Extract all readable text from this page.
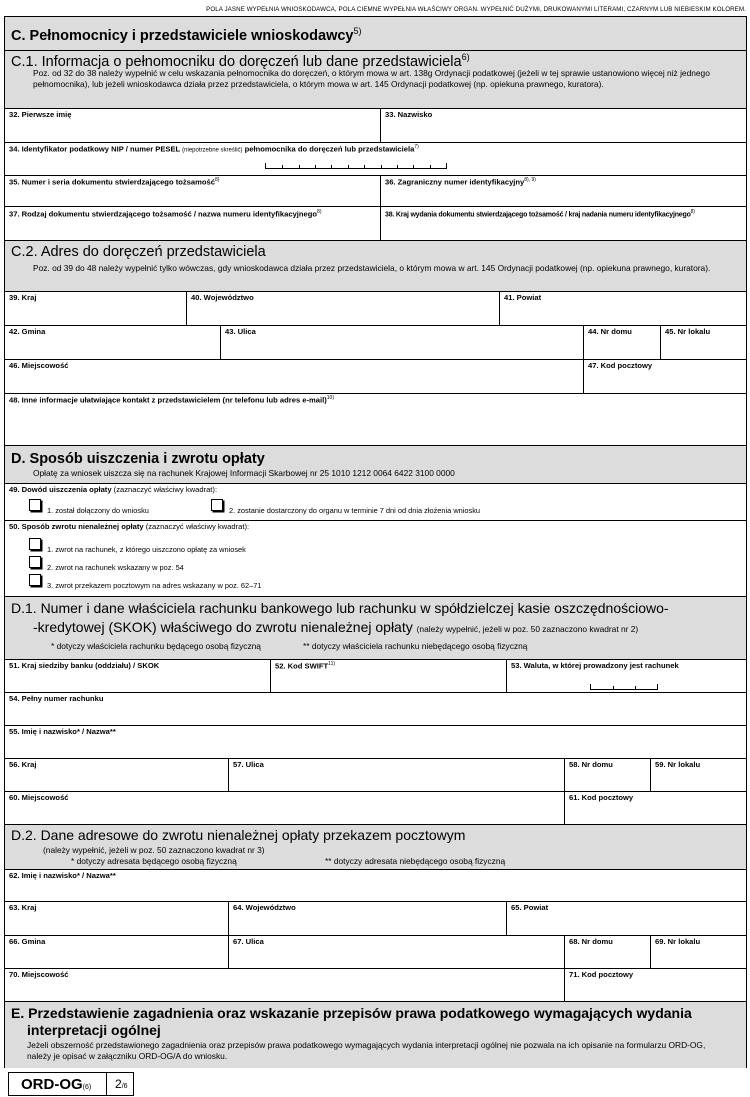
POLA JASNE WYPEŁNIA WNIOSKODAWCA, POLA CIEMNE WYPEŁNIA WŁAŚCIWY ORGAN. WYPEŁNIĆ DUŻYMI, DRUKOWANYMI LITERAMI, CZARNYM LUB NIEBIESKIM KOLOREM.
C. Pełnomocnicy i przedstawiciele wnioskodawcy$^{5)}$
C.1. Informacja o pełnomocniku do doręczeń lub dane przedstawiciela$^{6)}$
Poz. od 32 do 38 należy wypełnić w celu wskazania pełnomocnika do doręczeń, o którym mowa w art. 138g Ordynacji podatkowej (jeżeli w tej sprawie ustanowiono więcej niż jednego pełnomocnika), lub jeżeli wnioskodawca działa przez przedstawiciela, o którym mowa w art. 145 Ordynacji podatkowej (np. opiekuna prawnego, kuratora).
32. Pierwsze imię	33. Nazwisko
34. Identyfikator podatkowy NIP / numer PESEL (niepotrzebne skreślić) pełnomocnika do doręczeń lub przedstawiciela$^{7)}$
35. Numer i seria dokumentu stwierdzającego tożsamość$^{8)}$	36. Zagraniczny numer identyfikacyjny$^{8), 9)}$
37. Rodzaj dokumentu stwierdzającego tożsamość / nazwa numeru identyfikacyjnego$^{8)}$	38. Kraj wydania dokumentu stwierdzającego tożsamość / kraj nadania numeru identyfikacyjnego$^{8)}$
C.2. Adres do doręczeń przedstawiciela
Poz. od 39 do 48 należy wypełnić tylko wówczas, gdy wnioskodawca działa przez przedstawiciela, o którym mowa w art. 145 Ordynacji podatkowej (np. opiekuna prawnego, kuratora).
39. Kraj	40. Województwo	41. Powiat
42. Gmina	43. Ulica	44. Nr domu	45. Nr lokalu
46. Miejscowość	47. Kod pocztowy
48. Inne informacje ułatwiające kontakt z przedstawicielem (nr telefonu lub adres e-mail)$^{10)}$
D. Sposób uiszczenia i zwrotu opłaty
Opłatę za wniosek uiszcza się na rachunek Krajowej Informacji Skarbowej nr 25 1010 1212 0064 6422 3100 0000
49. Dowód uiszczenia opłaty (zaznaczyć właściwy kwadrat):
1. został dołączony do wniosku	2. zostanie dostarczony do organu w terminie 7 dni od dnia złożenia wniosku
50. Sposób zwrotu nienależnej opłaty (zaznaczyć właściwy kwadrat):
1. zwrot na rachunek, z którego uiszczono opłatę za wniosek
2. zwrot na rachunek wskazany w poz. 54
3. zwrot przekazem pocztowym na adres wskazany w poz. 62–71
D.1. Numer i dane właściciela rachunku bankowego lub rachunku w spółdzielczej kasie oszczędnościowo-
-kredytowej (SKOK) właściwego do zwrotu nienależnej opłaty (należy wypełnić, jeżeli w poz. 50 zaznaczono kwadrat nr 2)
* dotyczy właściciela rachunku będącego osobą fizyczną	** dotyczy właściciela rachunku niebędącego osobą fizyczną
51. Kraj siedziby banku (oddziału) / SKOK	52. Kod SWIFT$^{11)}$	53. Waluta, w której prowadzony jest rachunek
54. Pełny numer rachunku
55. Imię i nazwisko* / Nazwa**
56. Kraj	57. Ulica	58. Nr domu	59. Nr lokalu
60. Miejscowość	61. Kod pocztowy
D.2. Dane adresowe do zwrotu nienależnej opłaty przekazem pocztowym
(należy wypełnić, jeżeli w poz. 50 zaznaczono kwadrat nr 3)
* dotyczy adresata będącego osobą fizyczną	** dotyczy adresata niebędącego osobą fizyczną
62. Imię i nazwisko* / Nazwa**
63. Kraj	64. Województwo	65. Powiat
66. Gmina	67. Ulica	68. Nr domu	69. Nr lokalu
70. Miejscowość	71. Kod pocztowy
E. Przedstawienie zagadnienia oraz wskazanie przepisów prawa podatkowego wymagających wydania
interpretacji ogólnej
Jeżeli obszerność przedstawionego zagadnienia oraz przepisów prawa podatkowego wymagających wydania interpretacji ogólnej nie pozwala na ich opisanie na formularzu ORD-OG, należy je opisać w załączniku ORD-OG/A do wniosku.
ORD-OG(6)	2/6
